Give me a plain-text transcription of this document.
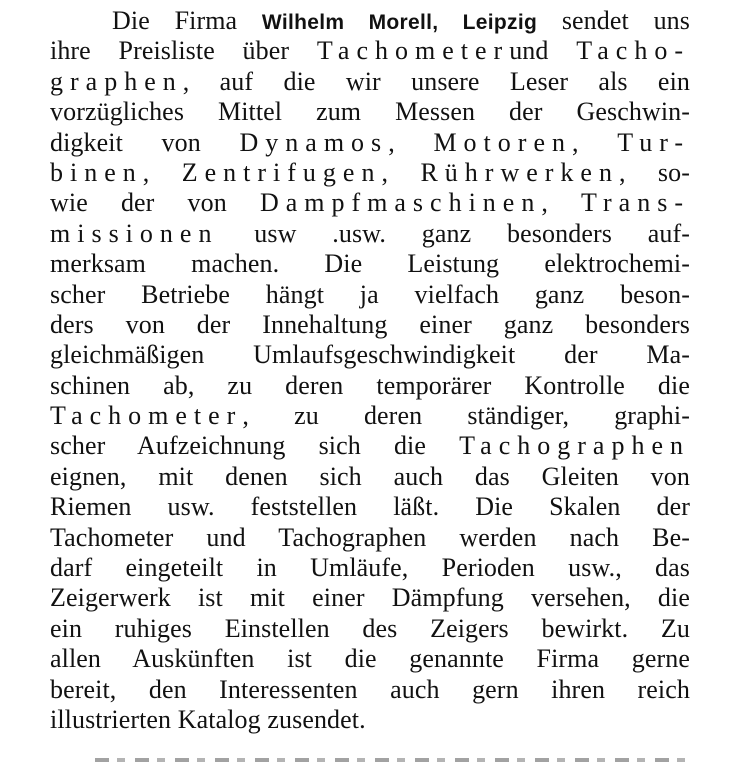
Die Firma Wilhelm Morell, Leipzig sendet uns
ihre Preisliste über Tachometerund Tacho-
graphen, auf die wir unsere Leser als ein
vorzügliches Mittel zum Messen der Geschwin-
digkeit von Dynamos, Motoren, Tur-
binen, Zentrifugen, Rührwerken, so-
wie der von Dampfmaschinen, Trans-
missionen usw .usw. ganz besonders auf-
merksam machen. Die Leistung elektrochemi-
scher Betriebe hängt ja vielfach ganz beson-
ders von der Innehaltung einer ganz besonders
gleichmäßigen Umlaufsgeschwindigkeit der Ma-
schinen ab, zu deren temporärer Kontrolle die
Tachometer, zu deren ständiger, graphi-
scher Aufzeichnung sich die Tachographen
eignen, mit denen sich auch das Gleiten von
Riemen usw. feststellen läßt. Die Skalen der
Tachometer und Tachographen werden nach Be-
darf eingeteilt in Umläufe, Perioden usw., das
Zeigerwerk ist mit einer Dämpfung versehen, die
ein ruhiges Einstellen des Zeigers bewirkt. Zu
allen Auskünften ist die genannte Firma gerne
bereit, den Interessenten auch gern ihren reich
illustrierten Katalog zusendet.
